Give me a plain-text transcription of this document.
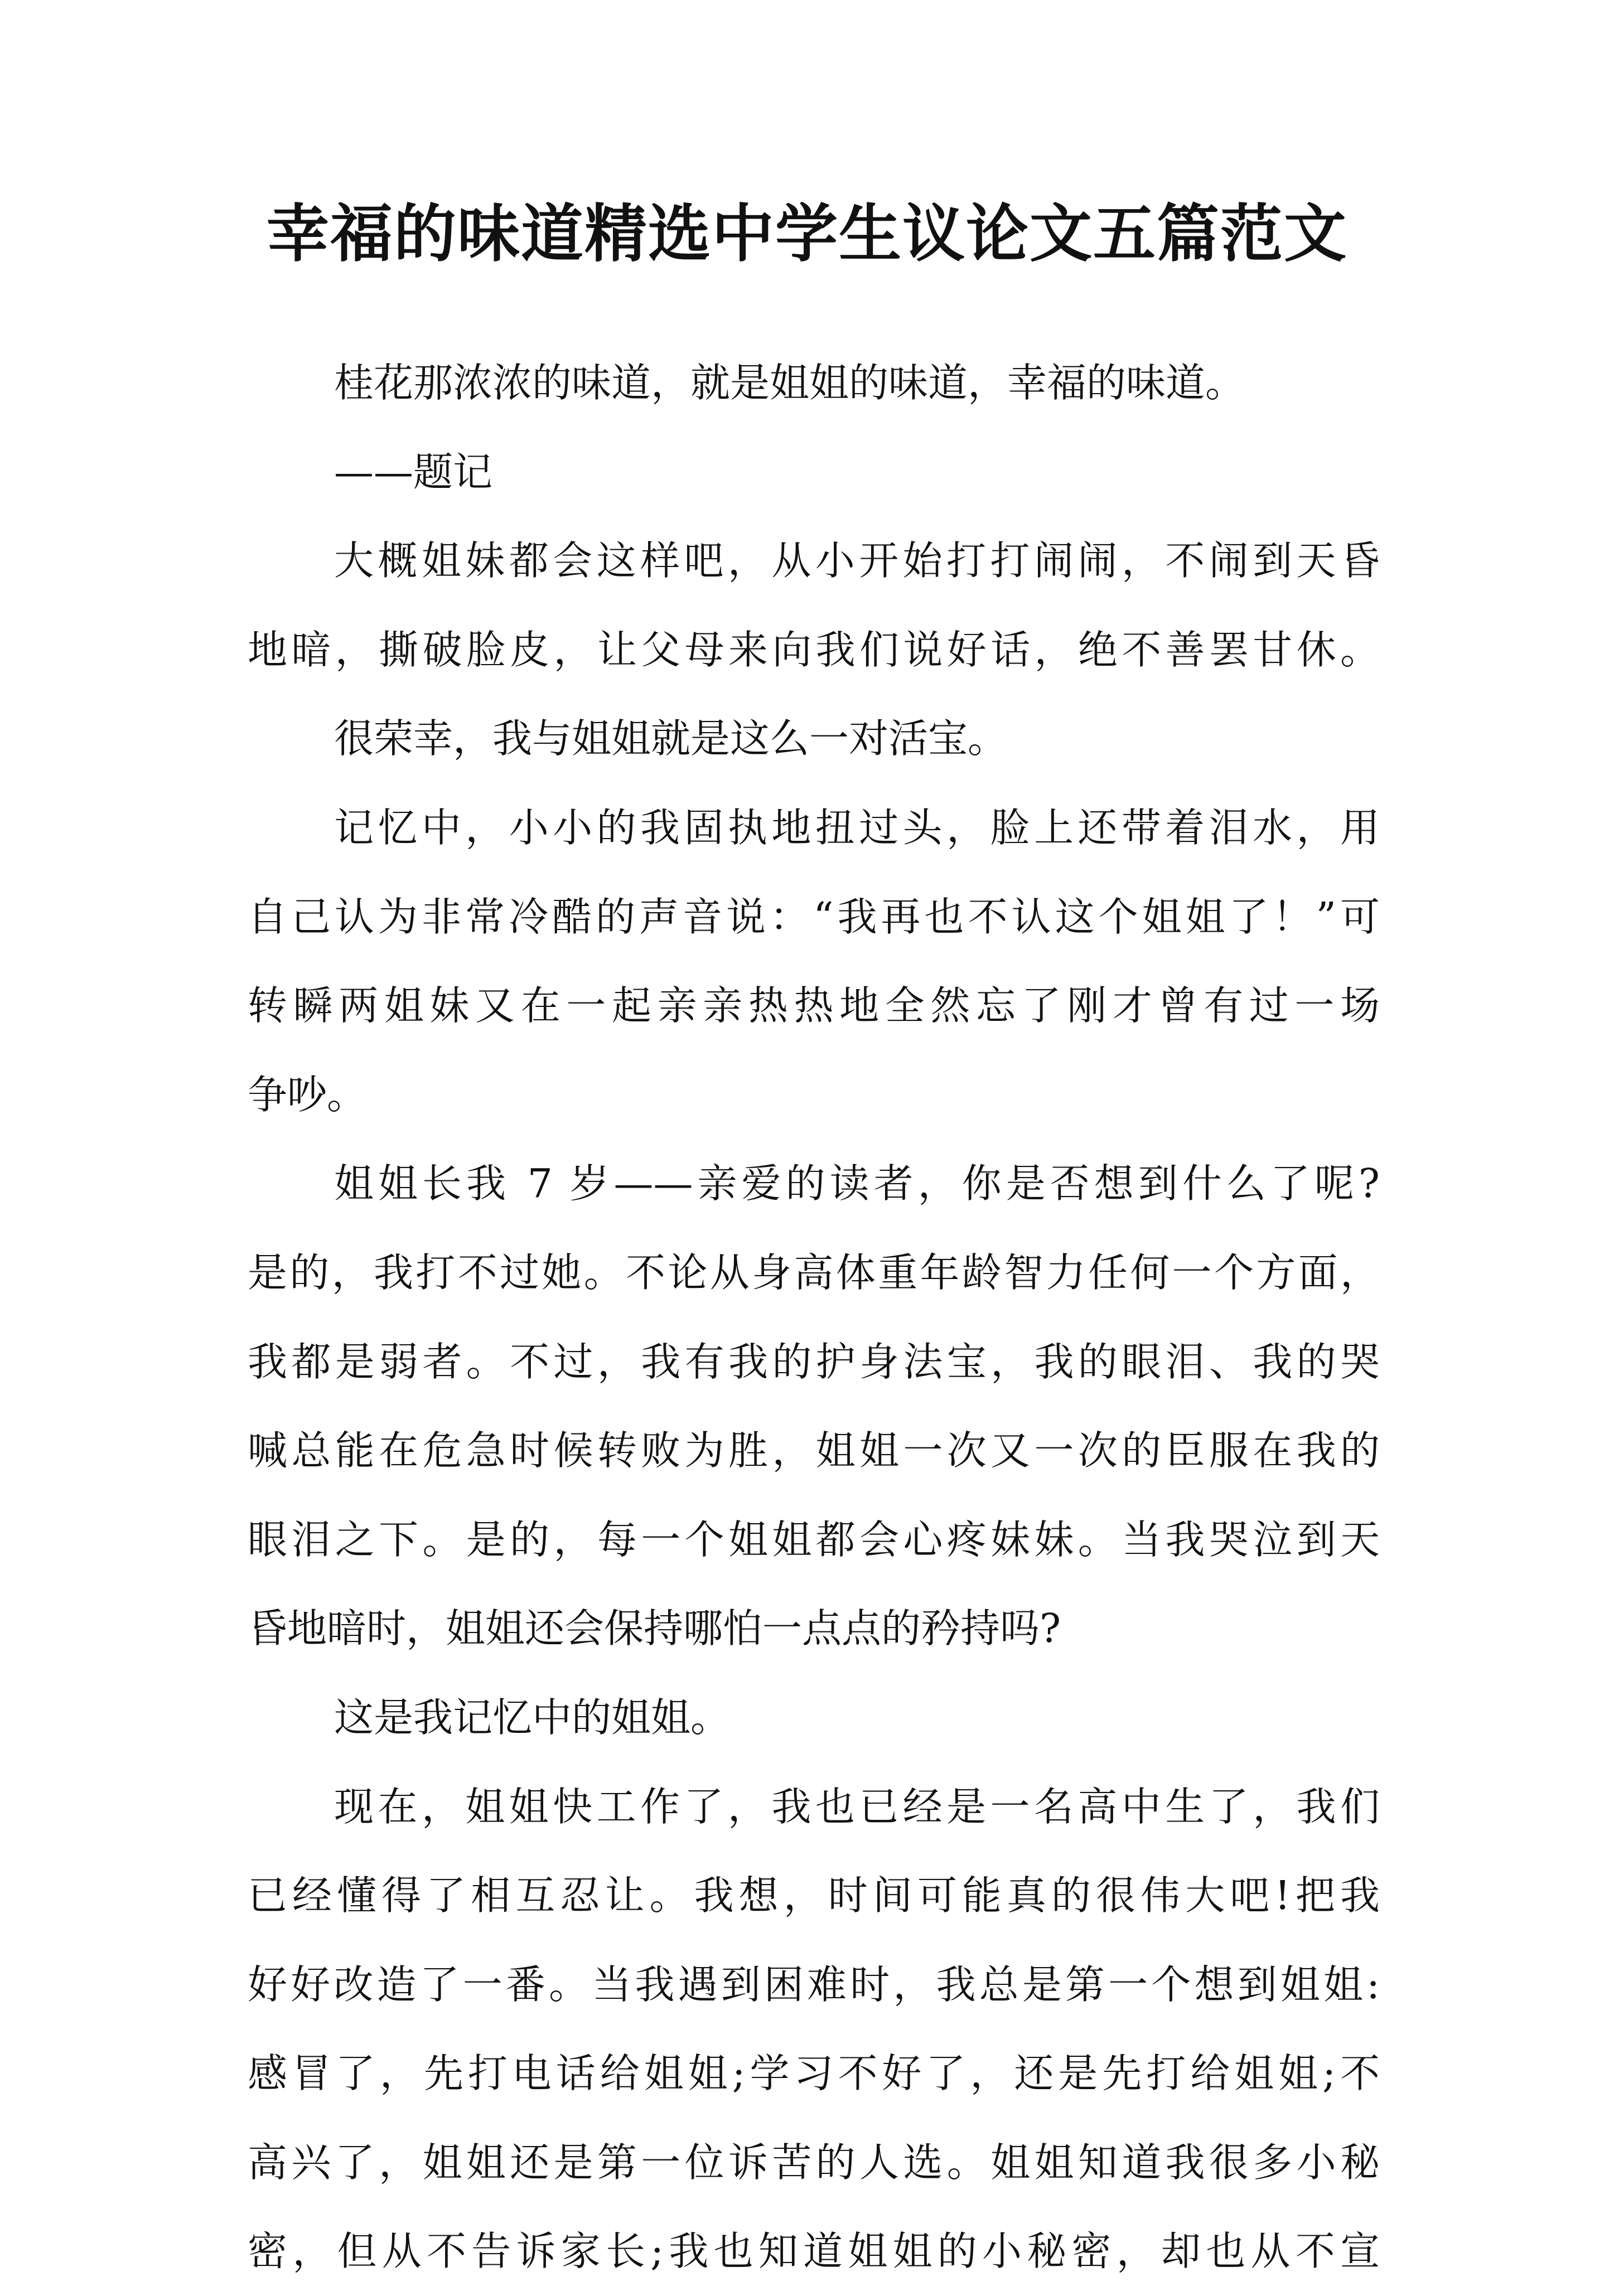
幸福的味道精选中学生议论文五篇范文

桂花那浓浓的味道，就是姐姐的味道，幸福的味道。

——题记

大概姐妹都会这样吧，从小开始打打闹闹，不闹到天昏

地暗，撕破脸皮，让父母来向我们说好话，绝不善罢甘休。

很荣幸，我与姐姐就是这么一对活宝。

记忆中，小小的我固执地扭过头，脸上还带着泪水，用

自己认为非常冷酷的声音说：“我再也不认这个姐姐了！”可

转瞬两姐妹又在一起亲亲热热地全然忘了刚才曾有过一场

争吵。

姐姐长我 7 岁——亲爱的读者，你是否想到什么了呢?

是的，我打不过她。不论从身高体重年龄智力任何一个方面，

我都是弱者。不过，我有我的护身法宝，我的眼泪、我的哭

喊总能在危急时候转败为胜，姐姐一次又一次的臣服在我的

眼泪之下。是的，每一个姐姐都会心疼妹妹。当我哭泣到天

昏地暗时，姐姐还会保持哪怕一点点的矜持吗?

这是我记忆中的姐姐。

现在，姐姐快工作了，我也已经是一名高中生了，我们

已经懂得了相互忍让。我想，时间可能真的很伟大吧!把我

好好改造了一番。当我遇到困难时，我总是第一个想到姐姐:

感冒了，先打电话给姐姐;学习不好了，还是先打给姐姐;不

高兴了，姐姐还是第一位诉苦的人选。姐姐知道我很多小秘

密，但从不告诉家长;我也知道姐姐的小秘密，却也从不宣
